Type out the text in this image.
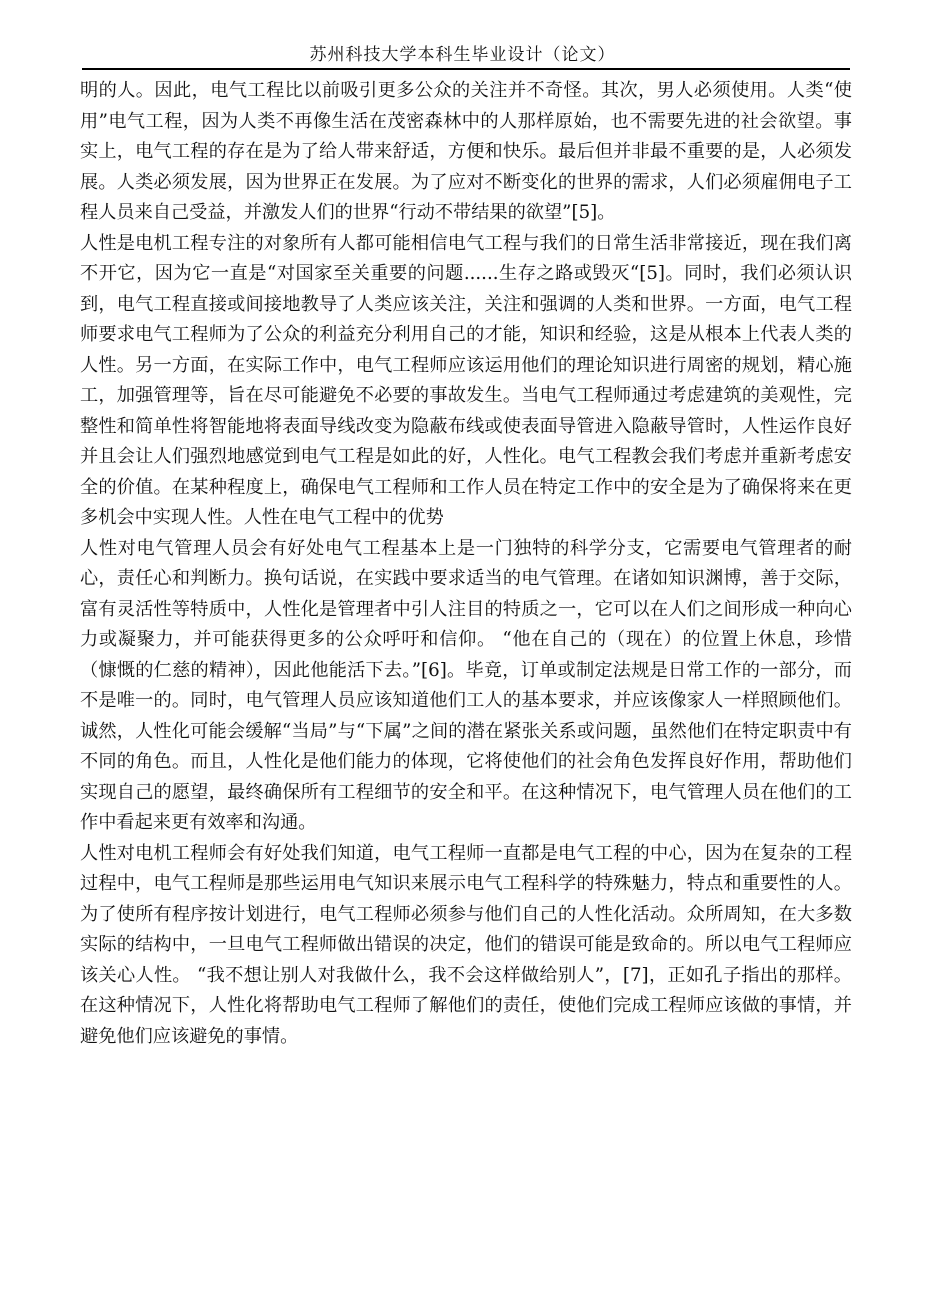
苏州科技大学本科生毕业设计（论文）

明的人。因此，电气工程比以前吸引更多公众的关注并不奇怪。其次，男人必须使用。人类“使用”电气工程，因为人类不再像生活在茂密森林中的人那样原始，也不需要先进的社会欲望。事实上，电气工程的存在是为了给人带来舒适，方便和快乐。最后但并非最不重要的是，人必须发展。人类必须发展，因为世界正在发展。为了应对不断变化的世界的需求，人们必须雇佣电子工程人员来自己受益，并激发人们的世界“行动不带结果的欲望”[5]。

人性是电机工程专注的对象所有人都可能相信电气工程与我们的日常生活非常接近，现在我们离不开它，因为它一直是“对国家至关重要的问题......生存之路或毁灭“[5]。同时，我们必须认识到，电气工程直接或间接地教导了人类应该关注，关注和强调的人类和世界。一方面，电气工程师要求电气工程师为了公众的利益充分利用自己的才能，知识和经验，这是从根本上代表人类的人性。另一方面，在实际工作中，电气工程师应该运用他们的理论知识进行周密的规划，精心施工，加强管理等，旨在尽可能避免不必要的事故发生。当电气工程师通过考虑建筑的美观性，完整性和简单性将智能地将表面导线改变为隐蔽布线或使表面导管进入隐蔽导管时，人性运作良好并且会让人们强烈地感觉到电气工程是如此的好，人性化。电气工程教会我们考虑并重新考虑安全的价值。在某种程度上，确保电气工程师和工作人员在特定工作中的安全是为了确保将来在更多机会中实现人性。人性在电气工程中的优势

人性对电气管理人员会有好处电气工程基本上是一门独特的科学分支，它需要电气管理者的耐心，责任心和判断力。换句话说，在实践中要求适当的电气管理。在诸如知识渊博，善于交际，富有灵活性等特质中，人性化是管理者中引人注目的特质之一，它可以在人们之间形成一种向心力或凝聚力，并可能获得更多的公众呼吁和信仰。 “他在自己的（现在）的位置上休息，珍惜（慷慨的仁慈的精神），因此他能活下去。”[6]。毕竟，订单或制定法规是日常工作的一部分，而不是唯一的。同时，电气管理人员应该知道他们工人的基本要求，并应该像家人一样照顾他们。诚然，人性化可能会缓解“当局”与“下属”之间的潜在紧张关系或问题，虽然他们在特定职责中有不同的角色。而且，人性化是他们能力的体现，它将使他们的社会角色发挥良好作用，帮助他们实现自己的愿望，最终确保所有工程细节的安全和平。在这种情况下，电气管理人员在他们的工作中看起来更有效率和沟通。

人性对电机工程师会有好处我们知道，电气工程师一直都是电气工程的中心，因为在复杂的工程过程中，电气工程师是那些运用电气知识来展示电气工程科学的特殊魅力，特点和重要性的人。为了使所有程序按计划进行，电气工程师必须参与他们自己的人性化活动。众所周知，在大多数实际的结构中，一旦电气工程师做出错误的决定，他们的错误可能是致命的。所以电气工程师应该关心人性。 “我不想让别人对我做什么，我不会这样做给别人”，[7]，正如孔子指出的那样。在这种情况下，人性化将帮助电气工程师了解他们的责任，使他们完成工程师应该做的事情，并避免他们应该避免的事情。
